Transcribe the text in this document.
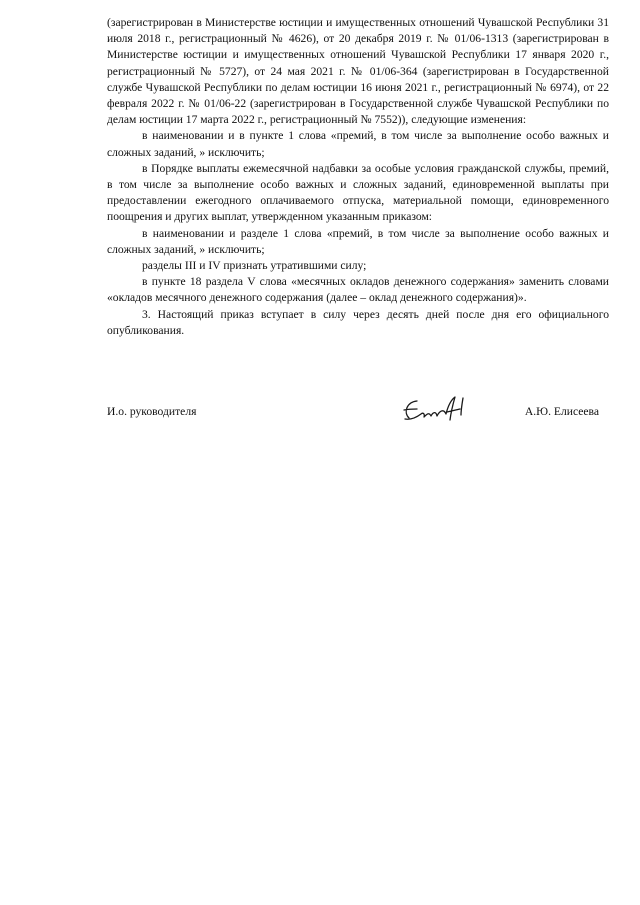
(зарегистрирован в Министерстве юстиции и имущественных отношений Чувашской Республики 31 июля 2018 г., регистрационный № 4626), от 20 декабря 2019 г. № 01/06-1313 (зарегистрирован в Министерстве юстиции и имущественных отношений Чувашской Республики 17 января 2020 г., регистрационный № 5727), от 24 мая 2021 г. № 01/06-364 (зарегистрирован в Государственной службе Чувашской Республики по делам юстиции 16 июня 2021 г., регистрационный № 6974), от 22 февраля 2022 г. № 01/06-22 (зарегистрирован в Государственной службе Чувашской Республики по делам юстиции 17 марта 2022 г., регистрационный № 7552)), следующие изменения:

в наименовании и в пункте 1 слова «премий, в том числе за выполнение особо важных и сложных заданий, » исключить;

в Порядке выплаты ежемесячной надбавки за особые условия гражданской службы, премий, в том числе за выполнение особо важных и сложных заданий, единовременной выплаты при предоставлении ежегодного оплачиваемого отпуска, материальной помощи, единовременного поощрения и других выплат, утвержденном указанным приказом:

в наименовании и разделе 1 слова «премий, в том числе за выполнение особо важных и сложных заданий, » исключить;

разделы III и IV признать утратившими силу;

в пункте 18 раздела V слова «месячных окладов денежного содержания» заменить словами «окладов месячного денежного содержания (далее – оклад денежного содержания)».

3. Настоящий приказ вступает в силу через десять дней после дня его официального опубликования.

И.о. руководителя	А.Ю. Елисеева
